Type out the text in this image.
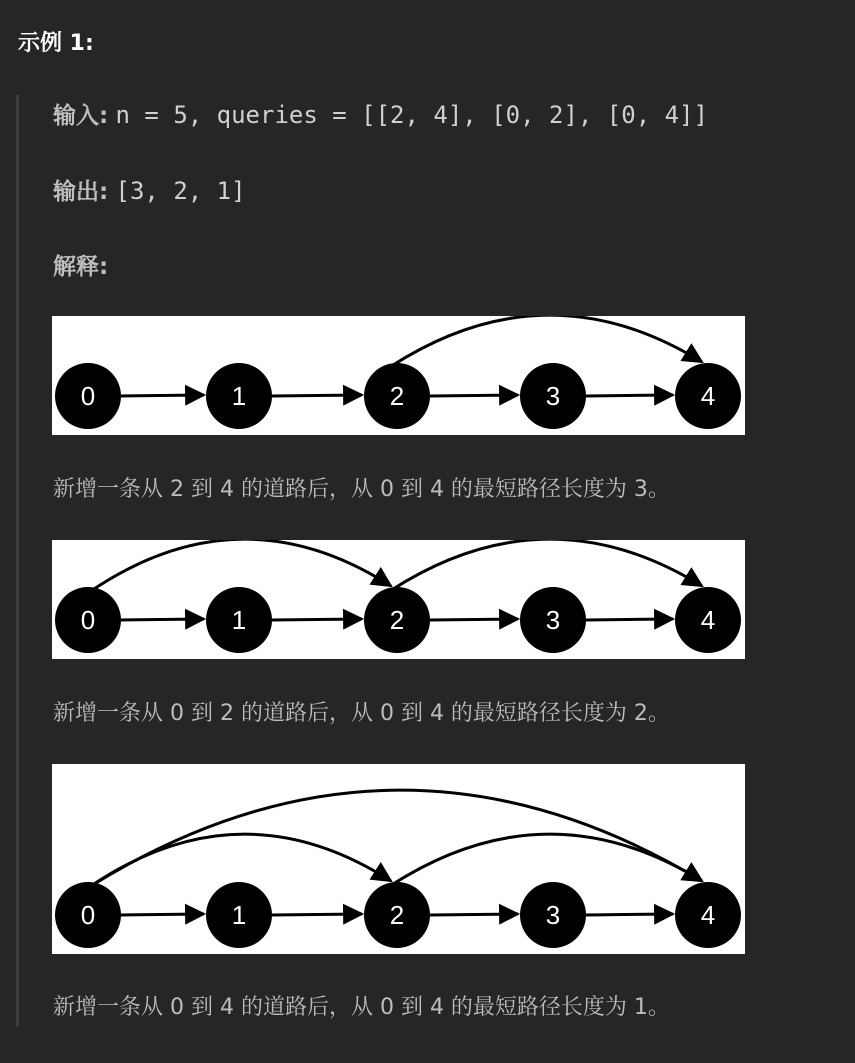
示例 1:
输入: n = 5, queries = [[2, 4], [0, 2], [0, 4]]
输出: [3, 2, 1]
解释:
0	1	2	3	4
新增一条从 2 到 4 的道路后，从 0 到 4 的最短路径长度为 3。
0	1	2	3	4
新增一条从 0 到 2 的道路后，从 0 到 4 的最短路径长度为 2。
0	1	2	3	4
新增一条从 0 到 4 的道路后，从 0 到 4 的最短路径长度为 1。
